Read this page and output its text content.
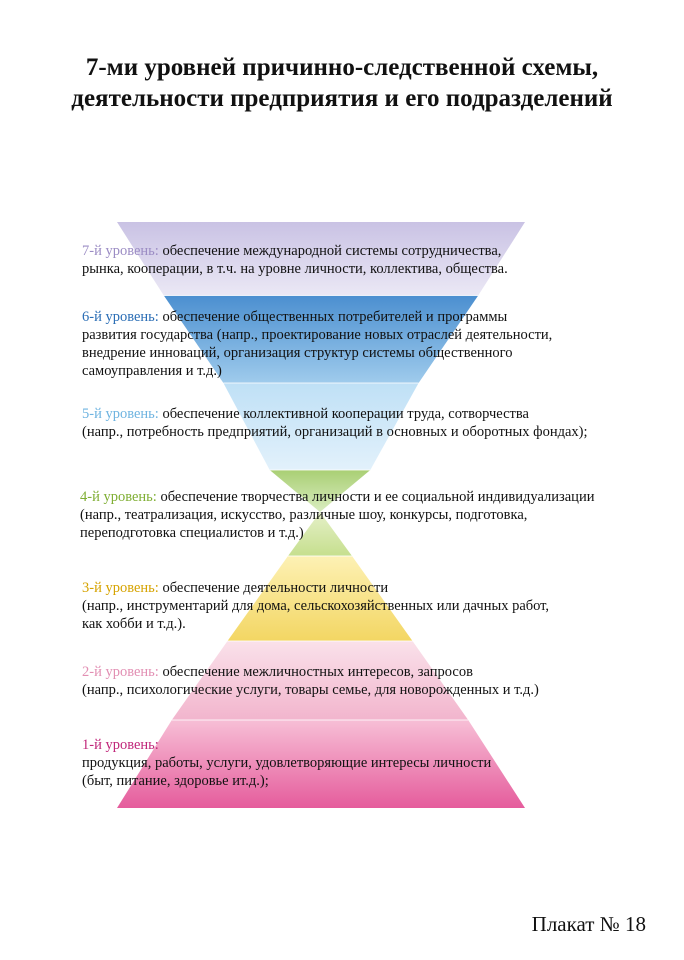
7-ми уровней причинно-следственной схемы,
деятельности предприятия и его подразделений
7-й уровень: обеспечение международной системы сотрудничества,
рынка, кооперации, в т.ч. на уровне личности, коллектива, общества.
6-й уровень: обеспечение общественных потребителей и программы
развития государства (напр., проектирование новых отраслей деятельности,
внедрение инноваций, организация структур системы общественного
самоуправления и т.д.)
5-й уровень: обеспечение коллективной кооперации труда, сотворчества
(напр., потребность предприятий, организаций в основных и оборотных фондах);
4-й уровень: обеспечение творчества личности и ее социальной индивидуализации
(напр., театрализация, искусство, различные шоу, конкурсы, подготовка,
переподготовка специалистов и т.д.)
3-й уровень: обеспечение деятельности личности
(напр., инструментарий для дома, сельскохозяйственных или дачных работ,
как хобби и т.д.).
2-й уровень: обеспечение межличностных интересов, запросов
(напр., психологические услуги, товары семье, для новорожденных и т.д.)
1-й уровень:
продукция, работы, услуги, удовлетворяющие интересы личности
(быт, питание, здоровье ит.д.);
Плакат № 18
